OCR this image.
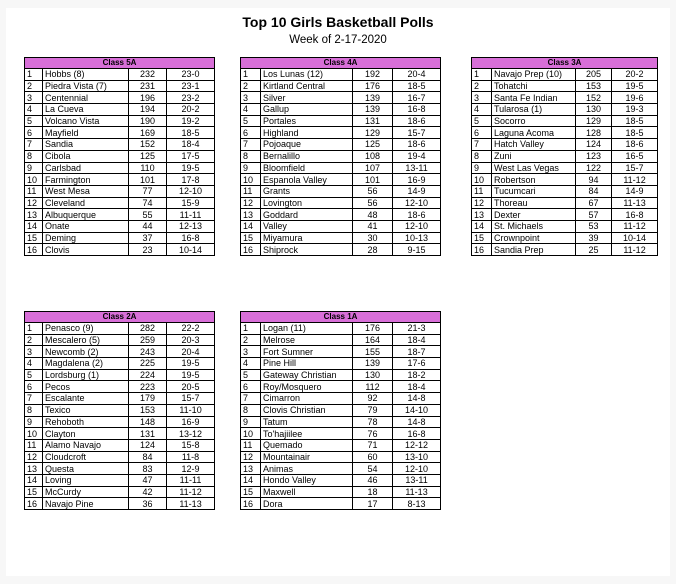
Top 10 Girls Basketball Polls
Week of 2-17-2020
Class 5A			
1	Hobbs (8)	232	23-0
2	Piedra Vista (7)	231	23-1
3	Centennial	196	23-2
4	La Cueva	194	20-2
5	Volcano Vista	190	19-2
6	Mayfield	169	18-5
7	Sandia	152	18-4
8	Cibola	125	17-5
9	Carlsbad	110	19-5
10	Farmington	101	17-8
11	West Mesa	77	12-10
12	Cleveland	74	15-9
13	Albuquerque	55	11-11
14	Onate	44	12-13
15	Deming	37	16-8
16	Clovis	23	10-14
Class 4A			
1	Los Lunas (12)	192	20-4
2	Kirtland Central	176	18-5
3	Silver	139	16-7
4	Gallup	139	16-8
5	Portales	131	18-6
6	Highland	129	15-7
7	Pojoaque	125	18-6
8	Bernalillo	108	19-4
9	Bloomfield	107	13-11
10	Espanola Valley	101	16-9
11	Grants	56	14-9
12	Lovington	56	12-10
13	Goddard	48	18-6
14	Valley	41	12-10
15	Miyamura	30	10-13
16	Shiprock	28	9-15
Class 3A			
1	Navajo Prep (10)	205	20-2
2	Tohatchi	153	19-5
3	Santa Fe Indian	152	19-6
4	Tularosa (1)	130	19-3
5	Socorro	129	18-5
6	Laguna Acoma	128	18-5
7	Hatch Valley	124	18-6
8	Zuni	123	16-5
9	West Las Vegas	122	15-7
10	Robertson	94	11-12
11	Tucumcari	84	14-9
12	Thoreau	67	11-13
13	Dexter	57	16-8
14	St. Michaels	53	11-12
15	Crownpoint	39	10-14
16	Sandia Prep	25	11-12
Class 2A			
1	Penasco (9)	282	22-2
2	Mescalero (5)	259	20-3
3	Newcomb (2)	243	20-4
4	Magdalena (2)	225	19-5
5	Lordsburg (1)	224	19-5
6	Pecos	223	20-5
7	Escalante	179	15-7
8	Texico	153	11-10
9	Rehoboth	148	16-9
10	Clayton	131	13-12
11	Alamo Navajo	124	15-8
12	Cloudcroft	84	11-8
13	Questa	83	12-9
14	Loving	47	11-11
15	McCurdy	42	11-12
16	Navajo Pine	36	11-13
Class 1A			
1	Logan (11)	176	21-3
2	Melrose	164	18-4
3	Fort Sumner	155	18-7
4	Pine Hill	139	17-6
5	Gateway Christian	130	18-2
6	Roy/Mosquero	112	18-4
7	Cimarron	92	14-8
8	Clovis Christian	79	14-10
9	Tatum	78	14-8
10	To'hajiilee	76	16-8
11	Quemado	71	12-12
12	Mountainair	60	13-10
13	Animas	54	12-10
14	Hondo Valley	46	13-11
15	Maxwell	18	11-13
16	Dora	17	8-13
